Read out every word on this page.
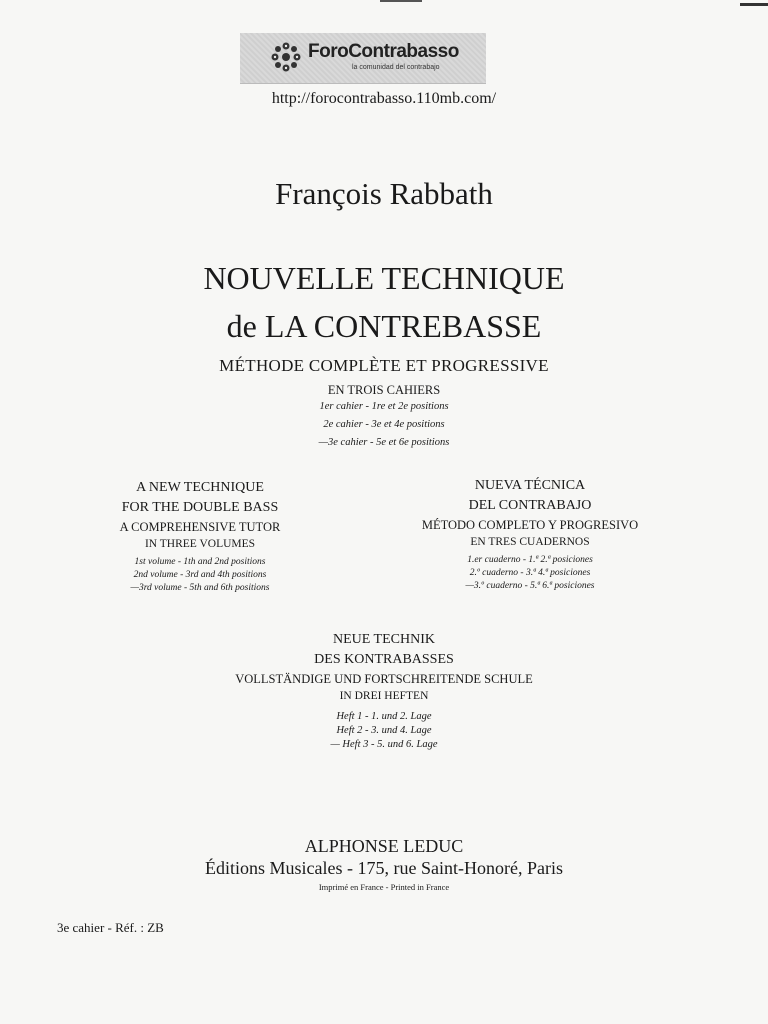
ForoContrabasso
la comunidad del contrabajo
http://forocontrabasso.110mb.com/
François Rabbath
NOUVELLE TECHNIQUE
de LA CONTREBASSE
MÉTHODE COMPLÈTE ET PROGRESSIVE
EN TROIS CAHIERS
1er cahier - 1re et 2e positions
2e cahier - 3e et 4e positions
—3e cahier - 5e et 6e positions
A NEW TECHNIQUE
FOR THE DOUBLE BASS
A COMPREHENSIVE TUTOR
IN THREE VOLUMES
1st volume - 1th and 2nd positions
2nd volume - 3rd and 4th positions
—3rd volume - 5th and 6th positions
NUEVA TÉCNICA
DEL CONTRABAJO
MÉTODO COMPLETO Y PROGRESIVO
EN TRES CUADERNOS
1.er cuaderno - 1.ª 2.ª posiciones
2.º cuaderno - 3.ª 4.ª posiciones
—3.º cuaderno - 5.ª 6.ª posiciones
NEUE TECHNIK
DES KONTRABASSES
VOLLSTÄNDIGE UND FORTSCHREITENDE SCHULE
IN DREI HEFTEN
Heft 1 - 1. und 2. Lage
Heft 2 - 3. und 4. Lage
— Heft 3 - 5. und 6. Lage
ALPHONSE LEDUC
Éditions Musicales - 175, rue Saint-Honoré, Paris
Imprimé en France - Printed in France
3e cahier - Réf. : ZB
